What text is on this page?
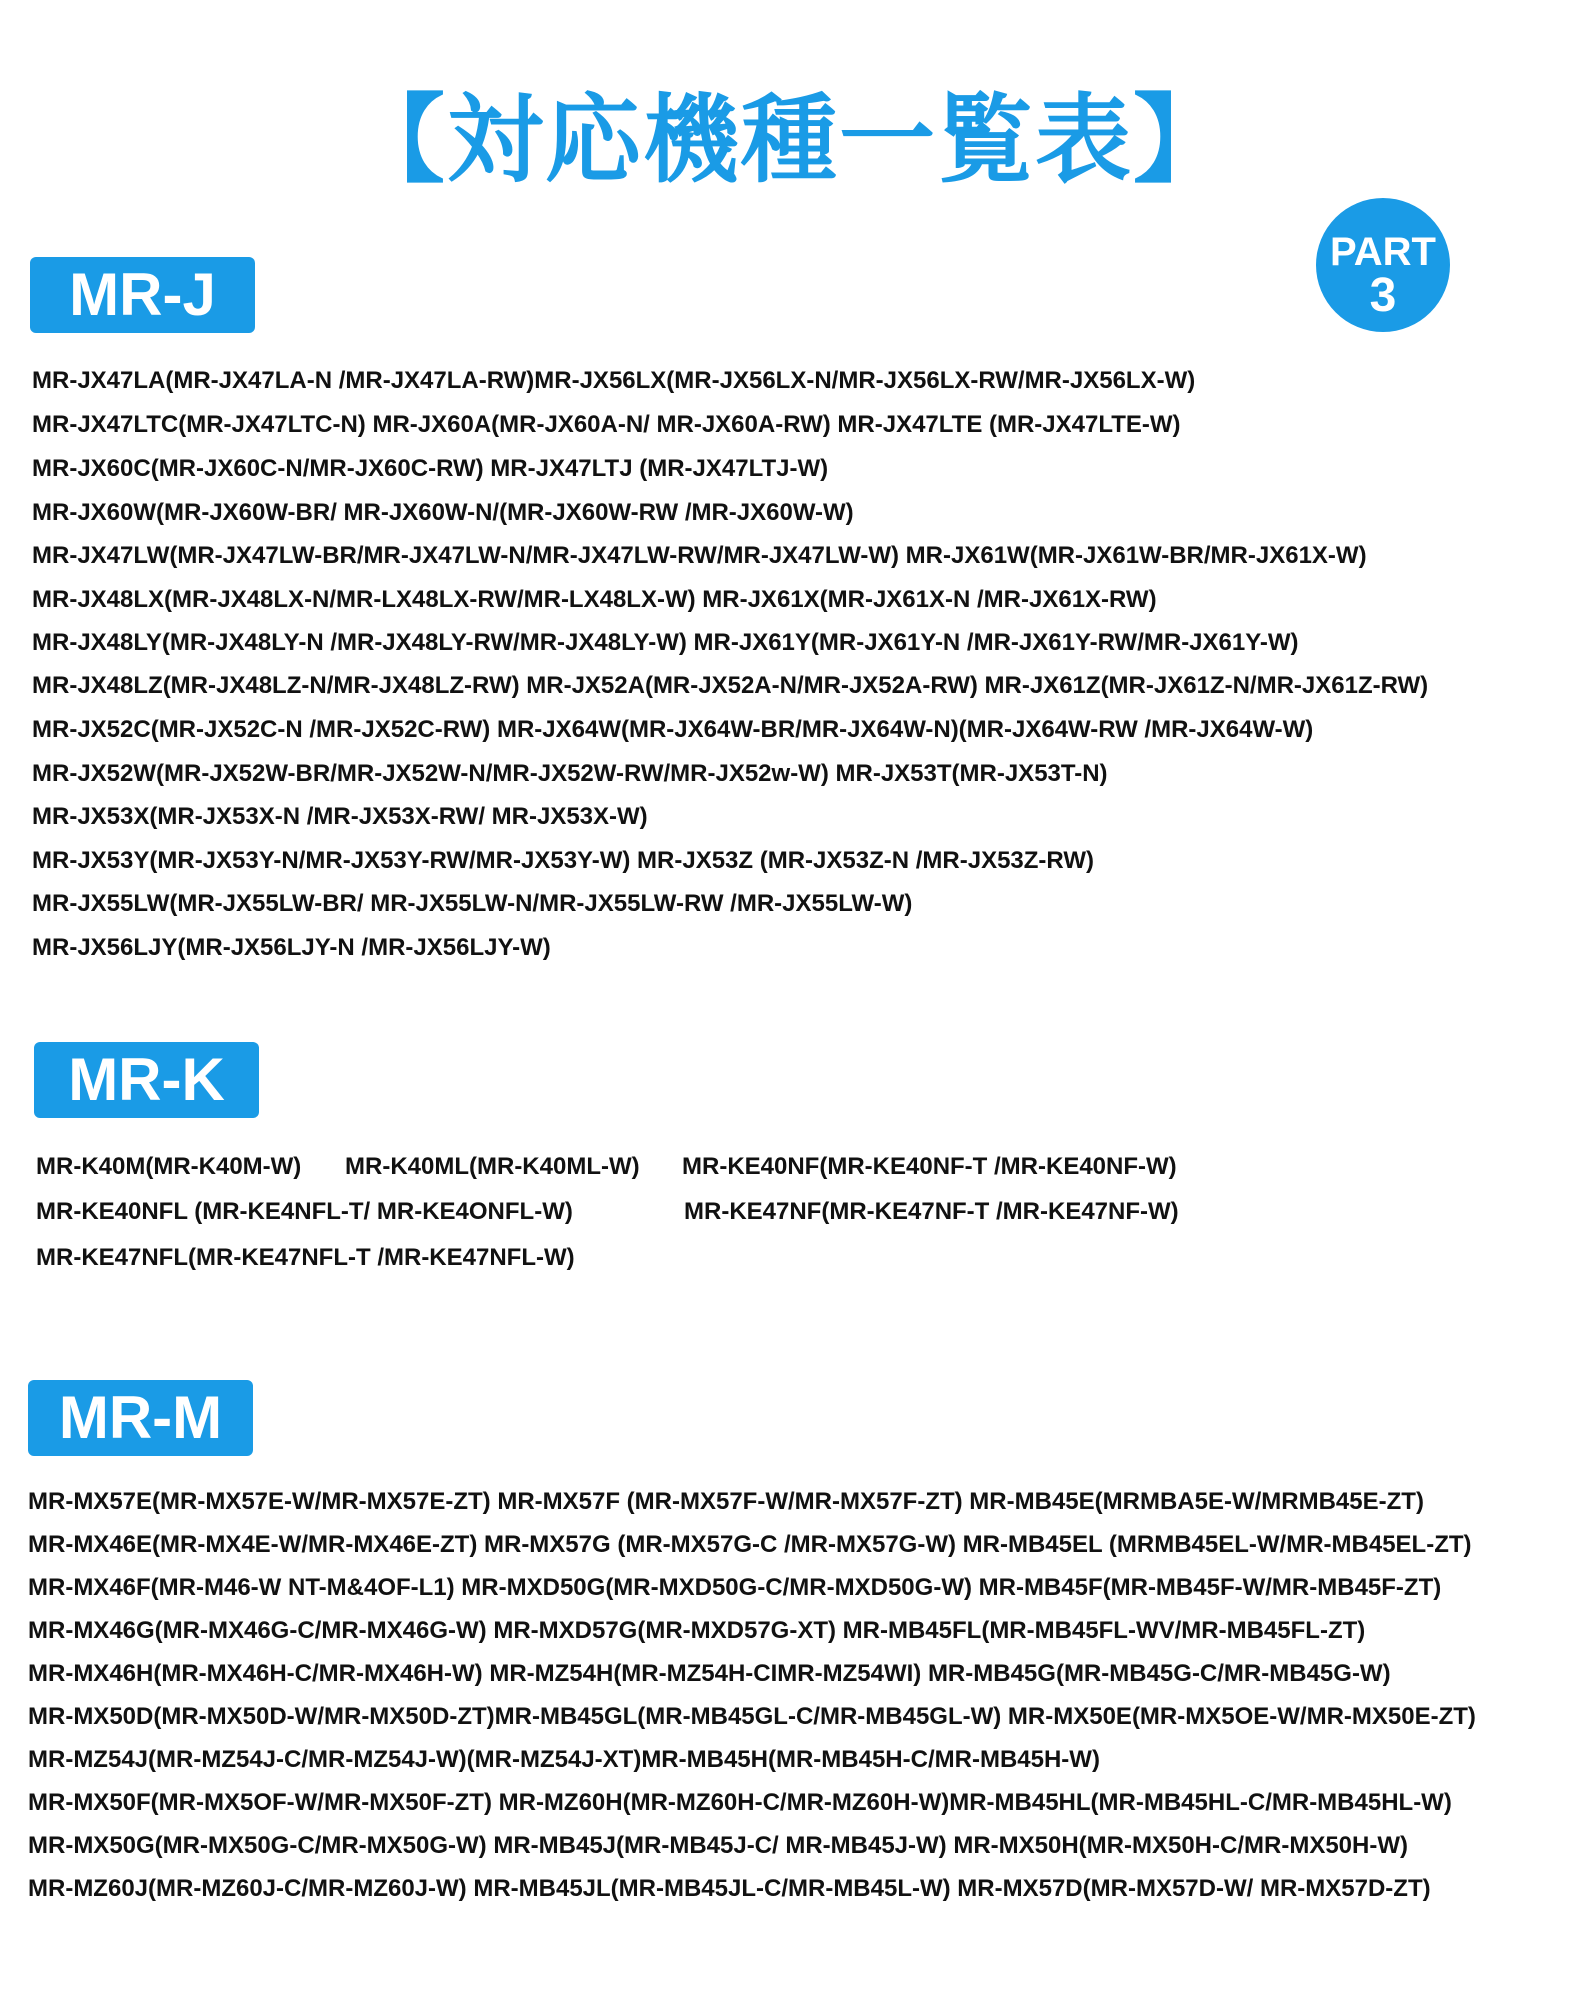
【対応機種一覧表】
PART
3
MR-J
MR-JX47LA(MR-JX47LA-N /MR-JX47LA-RW)MR-JX56LX(MR-JX56LX-N/MR-JX56LX-RW/MR-JX56LX-W)
MR-JX47LTC(MR-JX47LTC-N) MR-JX60A(MR-JX60A-N/ MR-JX60A-RW) MR-JX47LTE (MR-JX47LTE-W)
MR-JX60C(MR-JX60C-N/MR-JX60C-RW) MR-JX47LTJ (MR-JX47LTJ-W)
MR-JX60W(MR-JX60W-BR/ MR-JX60W-N/(MR-JX60W-RW /MR-JX60W-W)
MR-JX47LW(MR-JX47LW-BR/MR-JX47LW-N/MR-JX47LW-RW/MR-JX47LW-W) MR-JX61W(MR-JX61W-BR/MR-JX61X-W)
MR-JX48LX(MR-JX48LX-N/MR-LX48LX-RW/MR-LX48LX-W) MR-JX61X(MR-JX61X-N /MR-JX61X-RW)
MR-JX48LY(MR-JX48LY-N /MR-JX48LY-RW/MR-JX48LY-W) MR-JX61Y(MR-JX61Y-N /MR-JX61Y-RW/MR-JX61Y-W)
MR-JX48LZ(MR-JX48LZ-N/MR-JX48LZ-RW) MR-JX52A(MR-JX52A-N/MR-JX52A-RW) MR-JX61Z(MR-JX61Z-N/MR-JX61Z-RW)
MR-JX52C(MR-JX52C-N /MR-JX52C-RW) MR-JX64W(MR-JX64W-BR/MR-JX64W-N)(MR-JX64W-RW /MR-JX64W-W)
MR-JX52W(MR-JX52W-BR/MR-JX52W-N/MR-JX52W-RW/MR-JX52w-W) MR-JX53T(MR-JX53T-N)
MR-JX53X(MR-JX53X-N /MR-JX53X-RW/ MR-JX53X-W)
MR-JX53Y(MR-JX53Y-N/MR-JX53Y-RW/MR-JX53Y-W) MR-JX53Z (MR-JX53Z-N /MR-JX53Z-RW)
MR-JX55LW(MR-JX55LW-BR/ MR-JX55LW-N/MR-JX55LW-RW /MR-JX55LW-W)
MR-JX56LJY(MR-JX56LJY-N /MR-JX56LJY-W)
MR-K
MR-K40M(MR-K40M-W) MR-K40ML(MR-K40ML-W) MR-KE40NF(MR-KE40NF-T /MR-KE40NF-W)
MR-KE40NFL (MR-KE4NFL-T/ MR-KE4ONFL-W)	MR-KE47NF(MR-KE47NF-T /MR-KE47NF-W)
MR-KE47NFL(MR-KE47NFL-T /MR-KE47NFL-W)
MR-M
MR-MX57E(MR-MX57E-W/MR-MX57E-ZT) MR-MX57F (MR-MX57F-W/MR-MX57F-ZT) MR-MB45E(MRMBA5E-W/MRMB45E-ZT)
MR-MX46E(MR-MX4E-W/MR-MX46E-ZT) MR-MX57G (MR-MX57G-C /MR-MX57G-W) MR-MB45EL (MRMB45EL-W/MR-MB45EL-ZT)
MR-MX46F(MR-M46-W NT-M&4OF-L1) MR-MXD50G(MR-MXD50G-C/MR-MXD50G-W) MR-MB45F(MR-MB45F-W/MR-MB45F-ZT)
MR-MX46G(MR-MX46G-C/MR-MX46G-W) MR-MXD57G(MR-MXD57G-XT) MR-MB45FL(MR-MB45FL-WV/MR-MB45FL-ZT)
MR-MX46H(MR-MX46H-C/MR-MX46H-W) MR-MZ54H(MR-MZ54H-CIMR-MZ54WI) MR-MB45G(MR-MB45G-C/MR-MB45G-W)
MR-MX50D(MR-MX50D-W/MR-MX50D-ZT)MR-MB45GL(MR-MB45GL-C/MR-MB45GL-W) MR-MX50E(MR-MX5OE-W/MR-MX50E-ZT)
MR-MZ54J(MR-MZ54J-C/MR-MZ54J-W)(MR-MZ54J-XT)MR-MB45H(MR-MB45H-C/MR-MB45H-W)
MR-MX50F(MR-MX5OF-W/MR-MX50F-ZT) MR-MZ60H(MR-MZ60H-C/MR-MZ60H-W)MR-MB45HL(MR-MB45HL-C/MR-MB45HL-W)
MR-MX50G(MR-MX50G-C/MR-MX50G-W) MR-MB45J(MR-MB45J-C/ MR-MB45J-W) MR-MX50H(MR-MX50H-C/MR-MX50H-W)
MR-MZ60J(MR-MZ60J-C/MR-MZ60J-W) MR-MB45JL(MR-MB45JL-C/MR-MB45L-W) MR-MX57D(MR-MX57D-W/ MR-MX57D-ZT)
